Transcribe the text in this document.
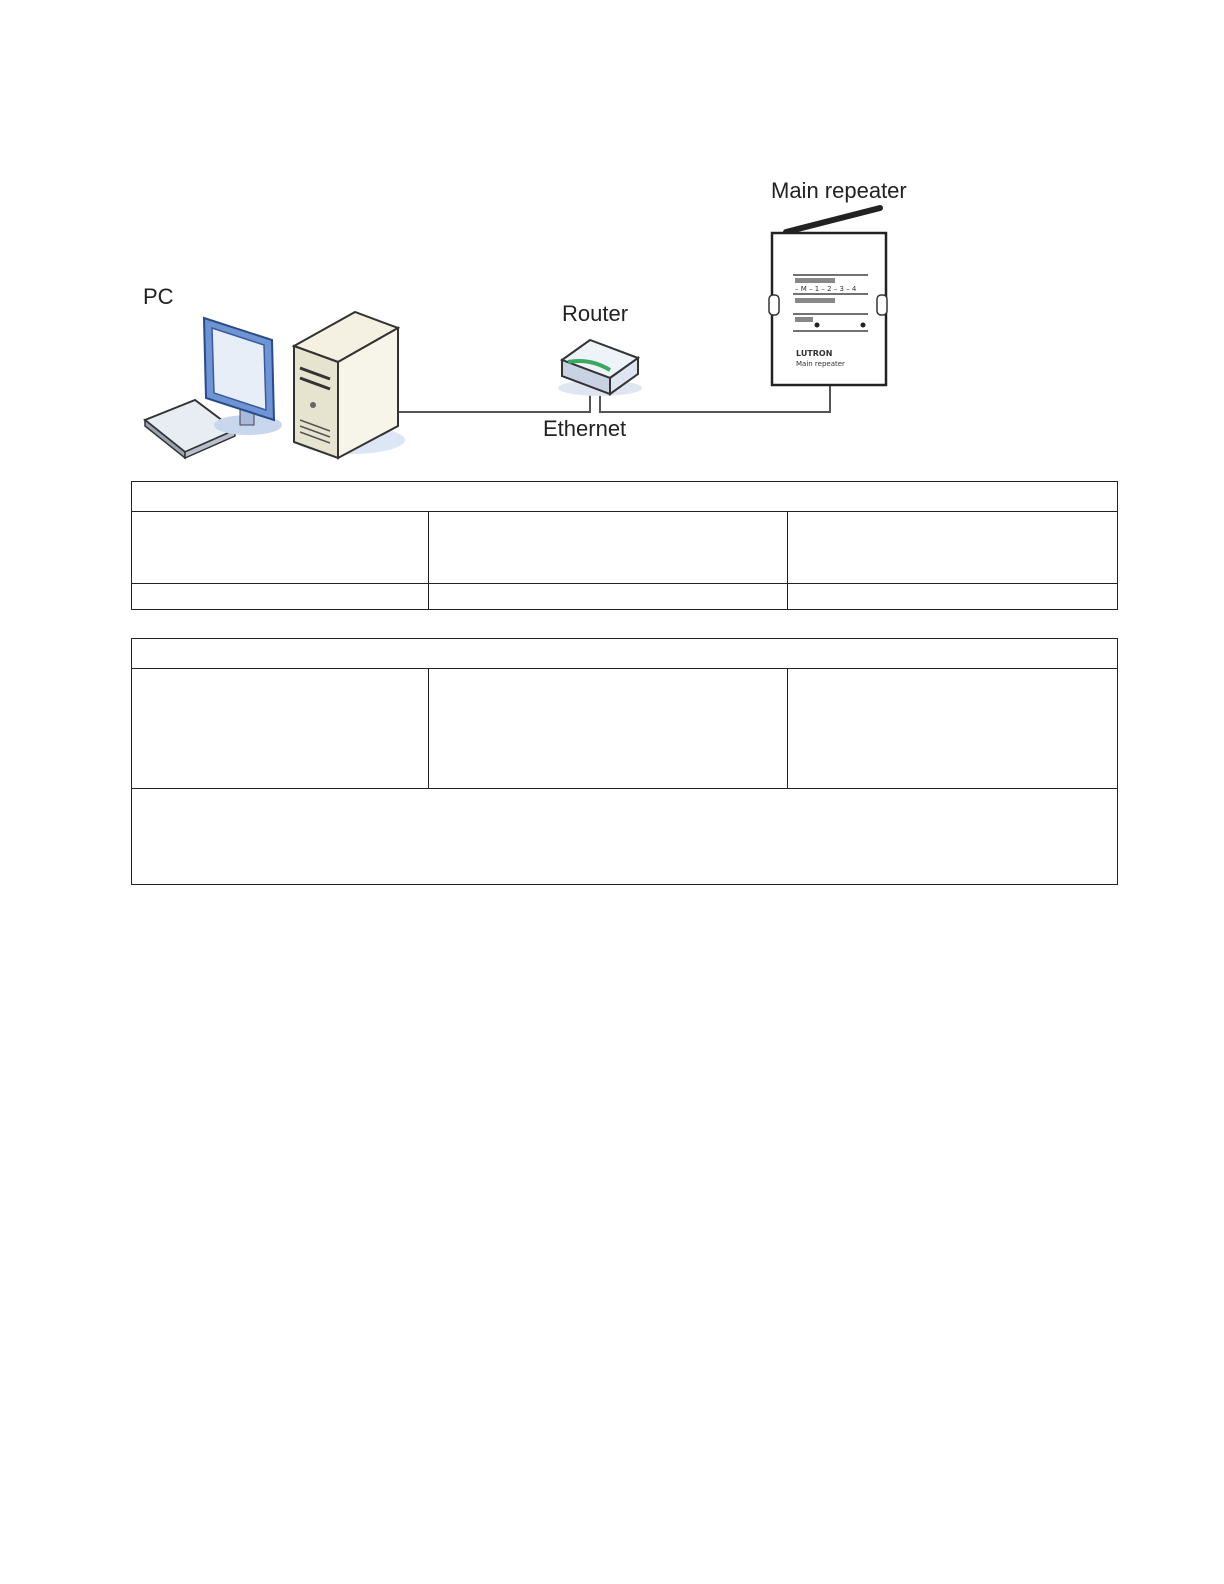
PC
Router
Ethernet
Main repeater
– M – 1 – 2 – 3 – 4
LUTRON
Main repeater
